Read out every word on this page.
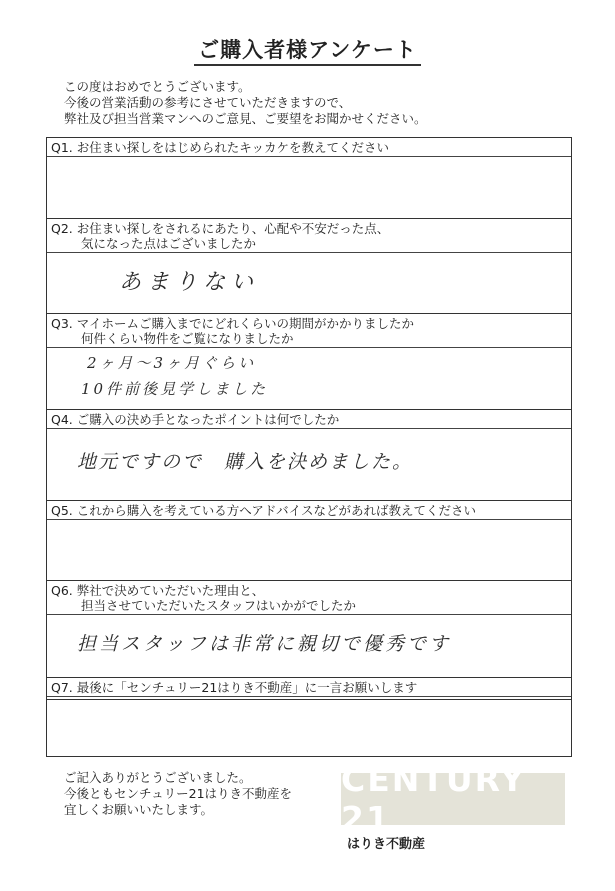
ご購入者様アンケート
この度はおめでとうございます。
今後の営業活動の参考にさせていただきますので、
弊社及び担当営業マンへのご意見、ご要望をお聞かせください。
Q1. お住まい探しをはじめられたキッカケを教えてください
Q2. お住まい探しをされるにあたり、心配や不安だった点、
気になった点はございましたか
あまりない
Q3. マイホームご購入までにどれくらいの期間がかかりましたか
何件くらい物件をご覧になりましたか
2ヶ月〜3ヶ月ぐらい
10件前後見学しました
Q4. ご購入の決め手となったポイントは何でしたか
地元ですので　購入を決めました。
Q5. これから購入を考えている方へアドバイスなどがあれば教えてください
Q6. 弊社で決めていただいた理由と、
担当させていただいたスタッフはいかがでしたか
担当スタッフは非常に親切で優秀です
Q7. 最後に「センチュリー21はりき不動産」に一言お願いします
ご記入ありがとうございました。
今後ともセンチュリー21はりき不動産を
宜しくお願いいたします。
CENTURY 21
はりき不動産
